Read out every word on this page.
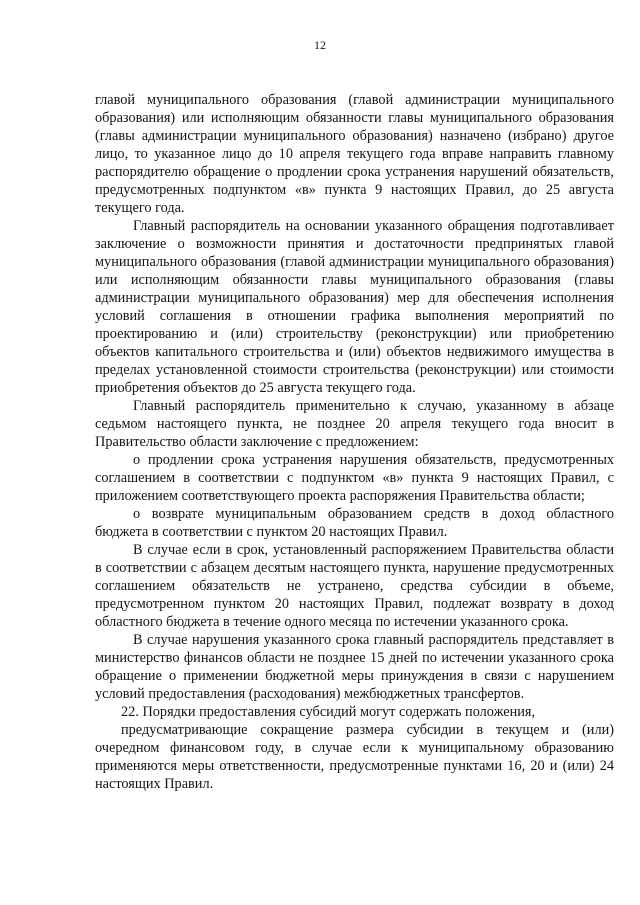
12

главой муниципального образования (главой администрации муниципального образования) или исполняющим обязанности главы муниципального образования (главы администрации муниципального образования) назначено (избрано) другое лицо, то указанное лицо до 10 апреля текущего года вправе направить главному распорядителю обращение о продлении срока устранения нарушений обязательств, предусмотренных подпунктом «в» пункта 9 настоящих Правил, до 25 августа текущего года.

Главный распорядитель на основании указанного обращения подготавливает заключение о возможности принятия и достаточности предпринятых главой муниципального образования (главой администрации муниципального образования) или исполняющим обязанности главы муниципального образования (главы администрации муниципального образования) мер для обеспечения исполнения условий соглашения в отношении графика выполнения мероприятий по проектированию и (или) строительству (реконструкции) или приобретению объектов капитального строительства и (или) объектов недвижимого имущества в пределах установленной стоимости строительства (реконструкции) или стоимости приобретения объектов до 25 августа текущего года.

Главный распорядитель применительно к случаю, указанному в абзаце седьмом настоящего пункта, не позднее 20 апреля текущего года вносит в Правительство области заключение с предложением:

о продлении срока устранения нарушения обязательств, предусмотренных соглашением в соответствии с подпунктом «в» пункта 9 настоящих Правил, с приложением соответствующего проекта распоряжения Правительства области;

о возврате муниципальным образованием средств в доход областного бюджета в соответствии с пунктом 20 настоящих Правил.

В случае если в срок, установленный распоряжением Правительства области в соответствии с абзацем десятым настоящего пункта, нарушение предусмотренных соглашением обязательств не устранено, средства субсидии в объеме, предусмотренном пунктом 20 настоящих Правил, подлежат возврату в доход областного бюджета в течение одного месяца по истечении указанного срока.

В случае нарушения указанного срока главный распорядитель представляет в министерство финансов области не позднее 15 дней по истечении указанного срока обращение о применении бюджетной меры принуждения в связи с нарушением условий предоставления (расходования) межбюджетных трансфертов.

22. Порядки предоставления субсидий могут содержать положения,

предусматривающие сокращение размера субсидии в текущем и (или) очередном финансовом году, в случае если к муниципальному образованию применяются меры ответственности, предусмотренные пунктами 16, 20 и (или) 24 настоящих Правил.
